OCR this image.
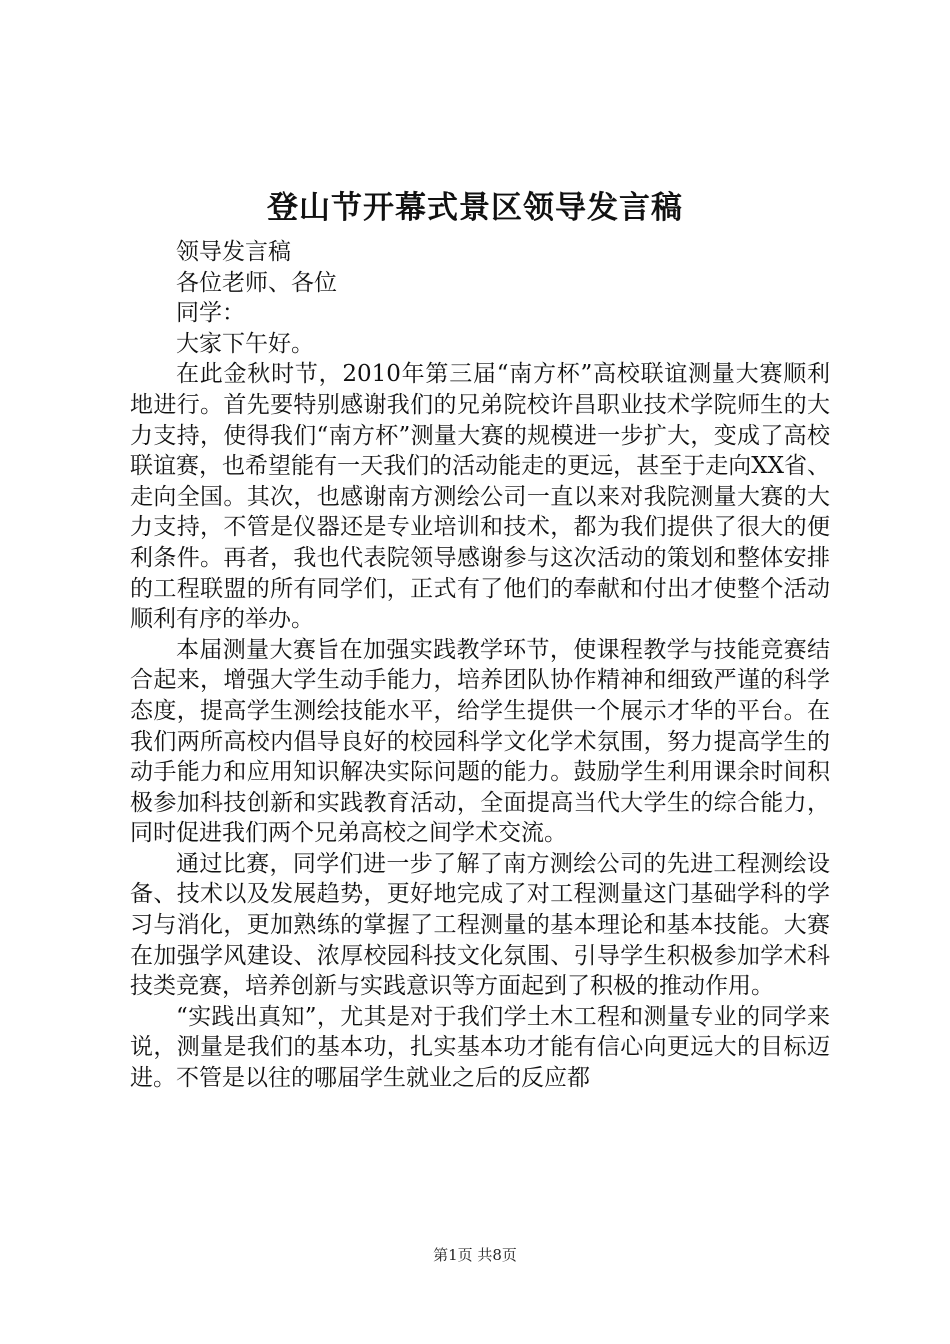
登山节开幕式景区领导发言稿

领导发言稿

各位老师、各位

同学：

大家下午好。

在此金秋时节，2010年第三届“南方杯”高校联谊测量大赛顺利地进行。首先要特别感谢我们的兄弟院校许昌职业技术学院师生的大力支持，使得我们“南方杯”测量大赛的规模进一步扩大，变成了高校联谊赛，也希望能有一天我们的活动能走的更远，甚至于走向XX省、走向全国。其次，也感谢南方测绘公司一直以来对我院测量大赛的大力支持，不管是仪器还是专业培训和技术，都为我们提供了很大的便利条件。再者，我也代表院领导感谢参与这次活动的策划和整体安排的工程联盟的所有同学们，正式有了他们的奉献和付出才使整个活动顺利有序的举办。

本届测量大赛旨在加强实践教学环节，使课程教学与技能竞赛结合起来，增强大学生动手能力，培养团队协作精神和细致严谨的科学态度，提高学生测绘技能水平，给学生提供一个展示才华的平台。在我们两所高校内倡导良好的校园科学文化学术氛围，努力提高学生的动手能力和应用知识解决实际问题的能力。鼓励学生利用课余时间积极参加科技创新和实践教育活动，全面提高当代大学生的综合能力，同时促进我们两个兄弟高校之间学术交流。

通过比赛，同学们进一步了解了南方测绘公司的先进工程测绘设备、技术以及发展趋势，更好地完成了对工程测量这门基础学科的学习与消化，更加熟练的掌握了工程测量的基本理论和基本技能。大赛在加强学风建设、浓厚校园科技文化氛围、引导学生积极参加学术科技类竞赛，培养创新与实践意识等方面起到了积极的推动作用。

“实践出真知”，尤其是对于我们学土木工程和测量专业的同学来说，测量是我们的基本功，扎实基本功才能有信心向更远大的目标迈进。不管是以往的哪届学生就业之后的反应都

第1页 共8页
